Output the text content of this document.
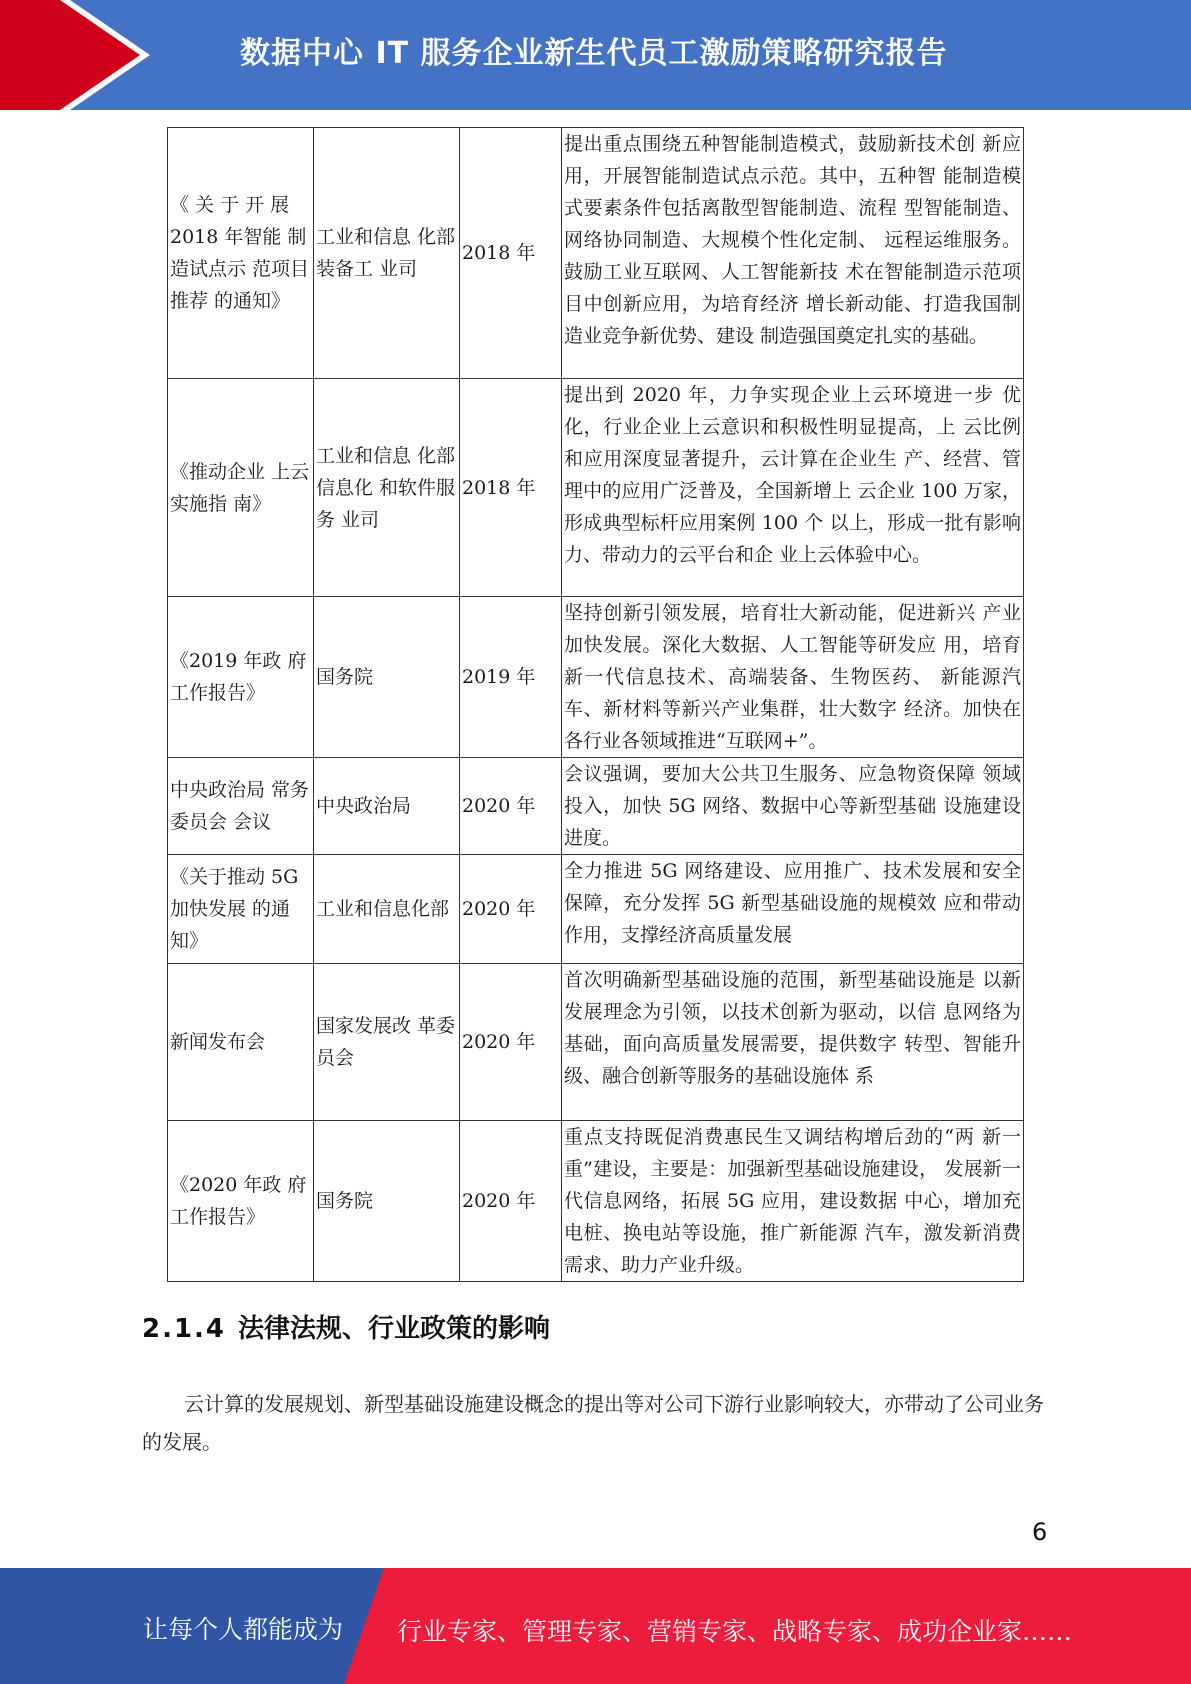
数据中心 IT 服务企业新生代员工激励策略研究报告
《 关 于 开 展 2018 年智能 制造试点示 范项目推荐 的通知》	工业和信息 化部装备工 业司	2018 年	提出重点围绕五种智能制造模式，鼓励新技术创 新应用，开展智能制造试点示范。其中，五种智 能制造模式要素条件包括离散型智能制造、流程 型智能制造、网络协同制造、大规模个性化定制、 远程运维服务。鼓励工业互联网、人工智能新技 术在智能制造示范项目中创新应用，为培育经济 增长新动能、打造我国制造业竞争新优势、建设 制造强国奠定扎实的基础。
《推动企业 上云实施指 南》	工业和信息 化部信息化 和软件服务 业司	2018 年	提出到 2020 年，力争实现企业上云环境进一步 优化，行业企业上云意识和积极性明显提高，上 云比例和应用深度显著提升，云计算在企业生 产、经营、管理中的应用广泛普及，全国新增上 云企业 100 万家，形成典型标杆应用案例 100 个 以上，形成一批有影响力、带动力的云平台和企 业上云体验中心。
《2019 年政 府工作报告》	国务院	2019 年	坚持创新引领发展，培育壮大新动能，促进新兴 产业加快发展。深化大数据、人工智能等研发应 用，培育新一代信息技术、高端装备、生物医药、 新能源汽车、新材料等新兴产业集群，壮大数字 经济。加快在各行业各领域推进“互联网+”。
中央政治局 常务委员会 会议	中央政治局	2020 年	会议强调，要加大公共卫生服务、应急物资保障 领域投入，加快 5G 网络、数据中心等新型基础 设施建设进度。
《关于推动 5G 加快发展 的通知》	工业和信息化部	2020 年	全力推进 5G 网络建设、应用推广、技术发展和安全保障，充分发挥 5G 新型基础设施的规模效 应和带动作用，支撑经济高质量发展
新闻发布会	国家发展改 革委员会	2020 年	首次明确新型基础设施的范围，新型基础设施是 以新发展理念为引领，以技术创新为驱动，以信 息网络为基础，面向高质量发展需要，提供数字 转型、智能升级、融合创新等服务的基础设施体 系
《2020 年政 府工作报告》	国务院	2020 年	重点支持既促消费惠民生又调结构增后劲的“两 新一重”建设，主要是：加强新型基础设施建设， 发展新一代信息网络，拓展 5G 应用，建设数据 中心，增加充电桩、换电站等设施，推广新能源 汽车，激发新消费需求、助力产业升级。
2.1.4 法律法规、行业政策的影响
云计算的发展规划、新型基础设施建设概念的提出等对公司下游行业影响较大，亦带动了公司业务的发展。
6
让每个人都能成为 行业专家、管理专家、营销专家、战略专家、成功企业家……
